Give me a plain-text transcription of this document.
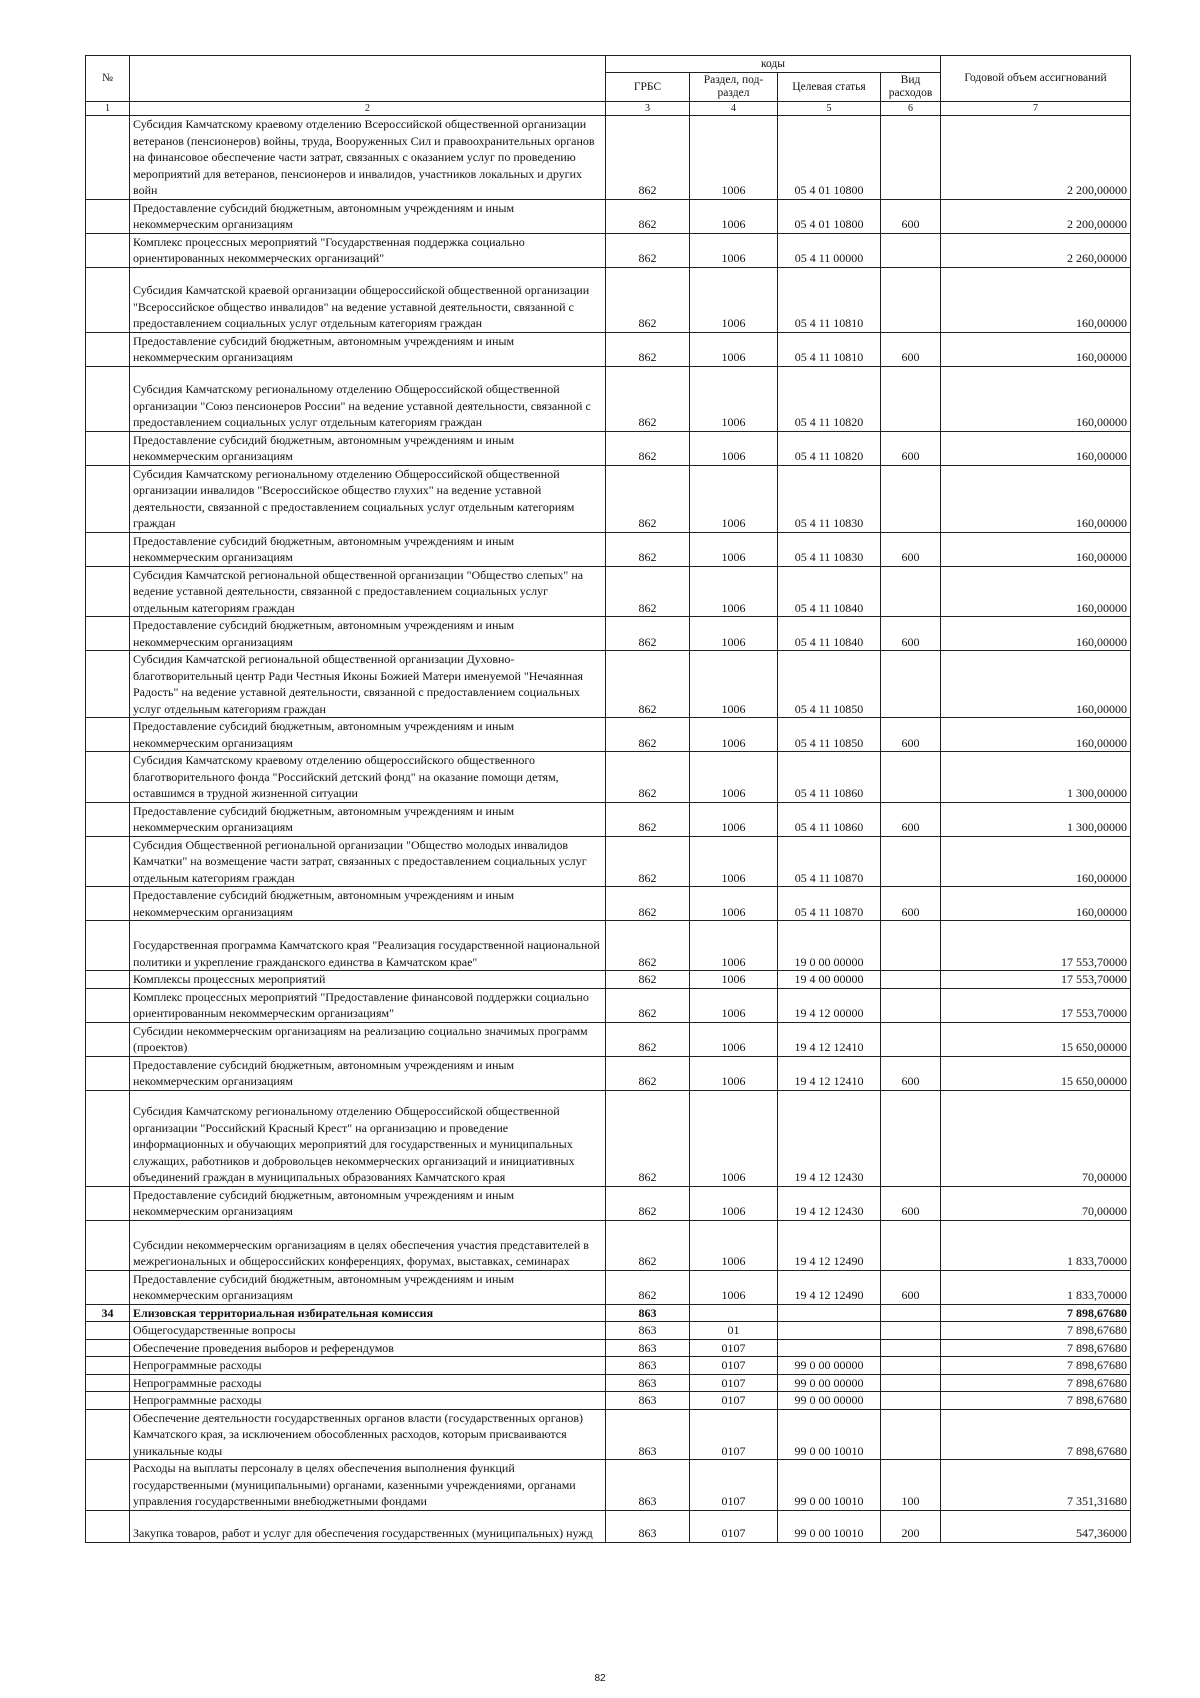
№		коды				Годовой объем ассигнований
		ГРБС	Раздел, под-раздел	Целевая статья	Вид расходов	
1	2	3	4	5	6	7
	Субсидия Камчатскому краевому отделению Всероссийской общественной организации ветеранов (пенсионеров) войны, труда, Вооруженных Сил и правоохранительных органов на финансовое обеспечение части затрат, связанных с оказанием услуг по проведению мероприятий для ветеранов, пенсионеров и инвалидов, участников локальных и других войн	862	1006	05 4 01 10800		2 200,00000
	Предоставление субсидий бюджетным, автономным учреждениям и иным некоммерческим организациям	862	1006	05 4 01 10800	600	2 200,00000
	Комплекс процессных мероприятий "Государственная поддержка социально ориентированных некоммерческих организаций"	862	1006	05 4 11 00000		2 260,00000
	Субсидия Камчатской краевой организации общероссийской общественной организации "Всероссийское общество инвалидов" на ведение уставной деятельности, связанной с предоставлением социальных услуг отдельным категориям граждан	862	1006	05 4 11 10810		160,00000
	Предоставление субсидий бюджетным, автономным учреждениям и иным некоммерческим организациям	862	1006	05 4 11 10810	600	160,00000
	Субсидия Камчатскому региональному отделению Общероссийской общественной организации "Союз пенсионеров России" на ведение уставной деятельности, связанной с предоставлением социальных услуг отдельным категориям граждан	862	1006	05 4 11 10820		160,00000
	Предоставление субсидий бюджетным, автономным учреждениям и иным некоммерческим организациям	862	1006	05 4 11 10820	600	160,00000
	Субсидия Камчатскому региональному отделению Общероссийской общественной организации инвалидов "Всероссийское общество глухих" на ведение уставной деятельности, связанной с предоставлением социальных услуг отдельным категориям граждан	862	1006	05 4 11 10830		160,00000
	Предоставление субсидий бюджетным, автономным учреждениям и иным некоммерческим организациям	862	1006	05 4 11 10830	600	160,00000
	Субсидия Камчатской региональной общественной организации "Общество слепых" на ведение уставной деятельности, связанной с предоставлением социальных услуг отдельным категориям граждан	862	1006	05 4 11 10840		160,00000
	Предоставление субсидий бюджетным, автономным учреждениям и иным некоммерческим организациям	862	1006	05 4 11 10840	600	160,00000
	Субсидия Камчатской региональной общественной организации Духовно-благотворительный центр Ради Честныя Иконы Божией Матери именуемой "Нечаянная Радость" на ведение уставной деятельности, связанной с предоставлением социальных услуг отдельным категориям граждан	862	1006	05 4 11 10850		160,00000
	Предоставление субсидий бюджетным, автономным учреждениям и иным некоммерческим организациям	862	1006	05 4 11 10850	600	160,00000
	Субсидия Камчатскому краевому отделению общероссийского общественного благотворительного фонда "Российский детский фонд" на оказание помощи детям, оставшимся в трудной жизненной ситуации	862	1006	05 4 11 10860		1 300,00000
	Предоставление субсидий бюджетным, автономным учреждениям и иным некоммерческим организациям	862	1006	05 4 11 10860	600	1 300,00000
	Субсидия Общественной региональной организации "Общество молодых инвалидов Камчатки" на возмещение части затрат, связанных с предоставлением социальных услуг отдельным категориям граждан	862	1006	05 4 11 10870		160,00000
	Предоставление субсидий бюджетным, автономным учреждениям и иным некоммерческим организациям	862	1006	05 4 11 10870	600	160,00000
	Государственная программа Камчатского края "Реализация государственной национальной политики и укрепление гражданского единства в Камчатском крае"	862	1006	19 0 00 00000		17 553,70000
	Комплексы процессных мероприятий	862	1006	19 4 00 00000		17 553,70000
	Комплекс процессных мероприятий "Предоставление финансовой поддержки социально ориентированным некоммерческим организациям"	862	1006	19 4 12 00000		17 553,70000
	Субсидии некоммерческим организациям на реализацию социально значимых программ (проектов)	862	1006	19 4 12 12410		15 650,00000
	Предоставление субсидий бюджетным, автономным учреждениям и иным некоммерческим организациям	862	1006	19 4 12 12410	600	15 650,00000
	Субсидия Камчатскому региональному отделению Общероссийской общественной организации "Российский Красный Крест" на организацию и проведение информационных и обучающих мероприятий для государственных и муниципальных служащих, работников и добровольцев некоммерческих организаций и инициативных объединений граждан в муниципальных образованиях Камчатского края	862	1006	19 4 12 12430		70,00000
	Предоставление субсидий бюджетным, автономным учреждениям и иным некоммерческим организациям	862	1006	19 4 12 12430	600	70,00000
	Субсидии некоммерческим организациям в целях обеспечения участия представителей в межрегиональных и общероссийских конференциях, форумах, выставках, семинарах	862	1006	19 4 12 12490		1 833,70000
	Предоставление субсидий бюджетным, автономным учреждениям и иным некоммерческим организациям	862	1006	19 4 12 12490	600	1 833,70000
34	Елизовская территориальная избирательная комиссия	863				7 898,67680
	Общегосударственные вопросы	863	01			7 898,67680
	Обеспечение проведения выборов и референдумов	863	0107			7 898,67680
	Непрограммные расходы	863	0107	99 0 00 00000		7 898,67680
	Непрограммные расходы	863	0107	99 0 00 00000		7 898,67680
	Непрограммные расходы	863	0107	99 0 00 00000		7 898,67680
	Обеспечение деятельности государственных органов власти (государственных органов) Камчатского края, за исключением обособленных расходов, которым присваиваются уникальные коды	863	0107	99 0 00 10010		7 898,67680
	Расходы на выплаты персоналу в целях обеспечения выполнения функций государственными (муниципальными) органами, казенными учреждениями, органами управления государственными внебюджетными фондами	863	0107	99 0 00 10010	100	7 351,31680
	Закупка товаров, работ и услуг для обеспечения государственных (муниципальных) нужд	863	0107	99 0 00 10010	200	547,36000
82
